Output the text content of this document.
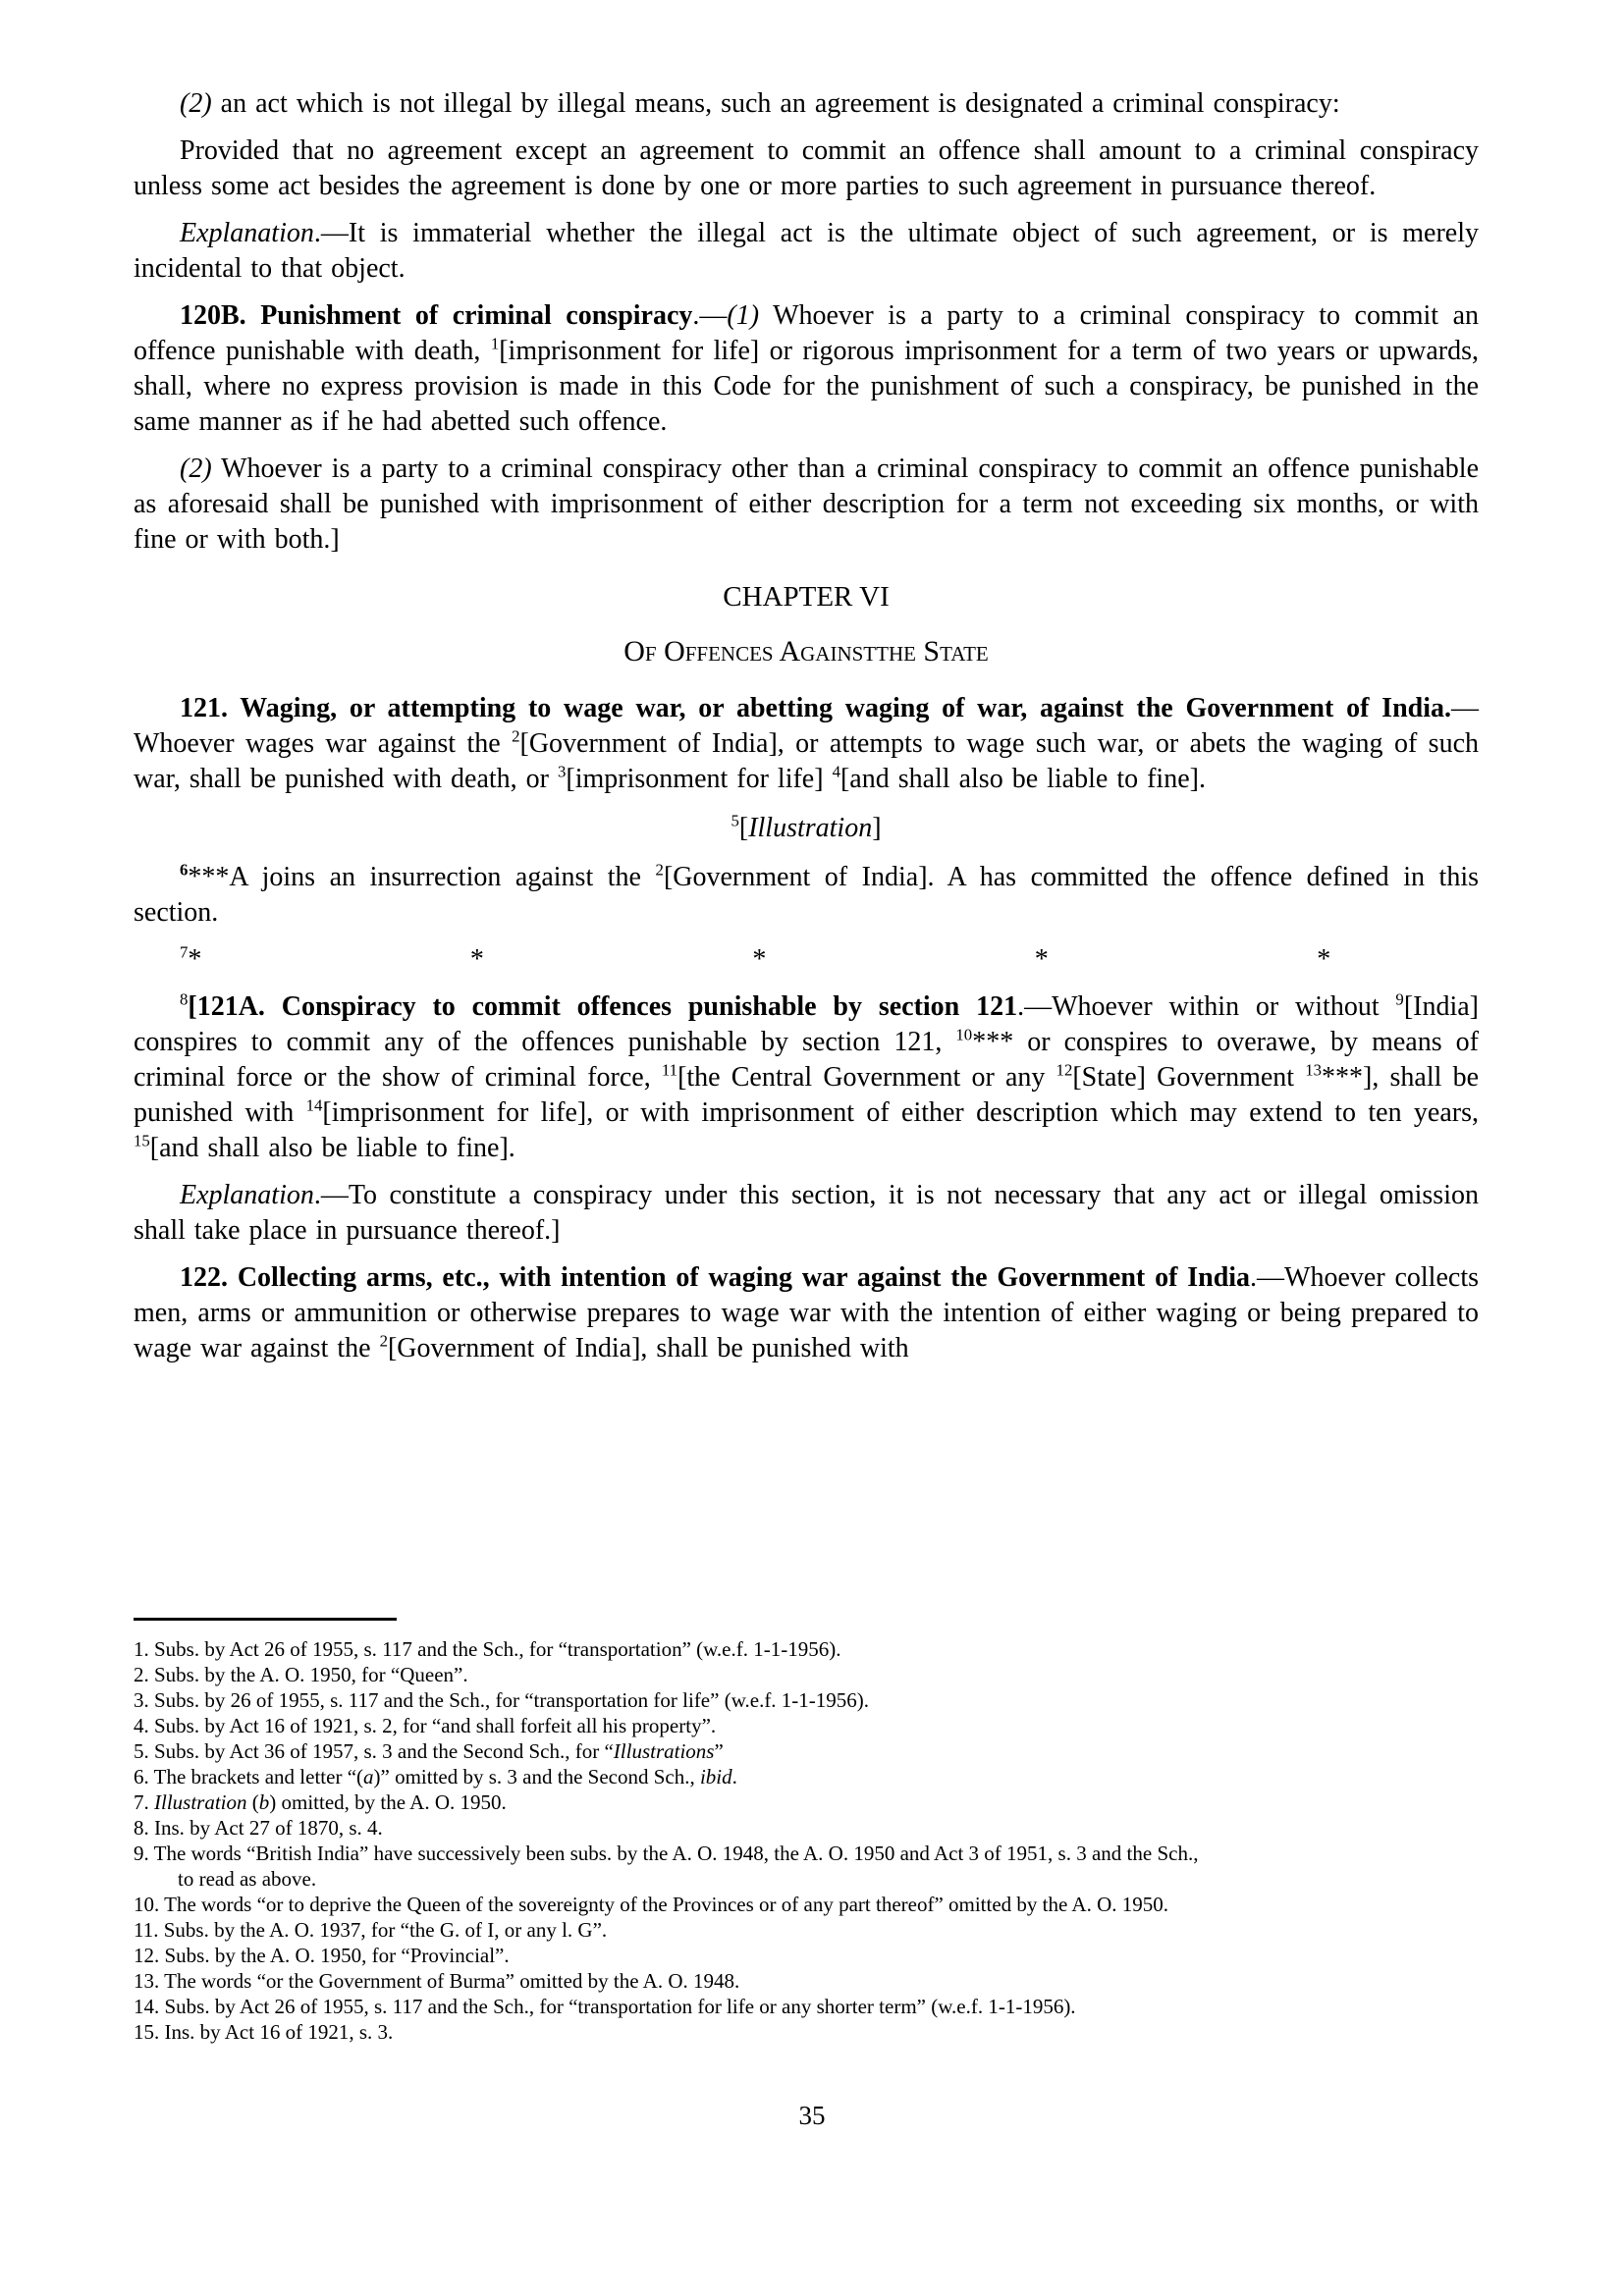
(2) an act which is not illegal by illegal means, such an agreement is designated a criminal conspiracy:

Provided that no agreement except an agreement to commit an offence shall amount to a criminal conspiracy unless some act besides the agreement is done by one or more parties to such agreement in pursuance thereof.

Explanation.—It is immaterial whether the illegal act is the ultimate object of such agreement, or is merely incidental to that object.

120B. Punishment of criminal conspiracy.—(1) Whoever is a party to a criminal conspiracy to commit an offence punishable with death, $^1$[imprisonment for life] or rigorous imprisonment for a term of two years or upwards, shall, where no express provision is made in this Code for the punishment of such a conspiracy, be punished in the same manner as if he had abetted such offence.

(2) Whoever is a party to a criminal conspiracy other than a criminal conspiracy to commit an offence punishable as aforesaid shall be punished with imprisonment of either description for a term not exceeding six months, or with fine or with both.]

CHAPTER VI

Of Offences Againstthe State

121. Waging, or attempting to wage war, or abetting waging of war, against the Government of India.—Whoever wages war against the $^2$[Government of India], or attempts to wage such war, or abets the waging of such war, shall be punished with death, or $^3$[imprisonment for life] $^4$[and shall also be liable to fine].

$^5$[Illustration]

$^6$***A joins an insurrection against the $^2$[Government of India]. A has committed the offence defined in this section.

$^7$*	*	*	*	*

$^8$[121A. Conspiracy to commit offences punishable by section 121.—Whoever within or without $^9$[India] conspires to commit any of the offences punishable by section 121, $^{10}$*** or conspires to overawe, by means of criminal force or the show of criminal force, $^{11}$[the Central Government or any $^{12}$[State] Government $^{13}$***], shall be punished with $^{14}$[imprisonment for life], or with imprisonment of either description which may extend to ten years, $^{15}$[and shall also be liable to fine].

Explanation.—To constitute a conspiracy under this section, it is not necessary that any act or illegal omission shall take place in pursuance thereof.]

122. Collecting arms, etc., with intention of waging war against the Government of India.—Whoever collects men, arms or ammunition or otherwise prepares to wage war with the intention of either waging or being prepared to wage war against the $^2$[Government of India], shall be punished with

1. Subs. by Act 26 of 1955, s. 117 and the Sch., for “transportation” (w.e.f. 1-1-1956).
2. Subs. by the A. O. 1950, for “Queen”.
3. Subs. by 26 of 1955, s. 117 and the Sch., for “transportation for life” (w.e.f. 1-1-1956).
4. Subs. by Act 16 of 1921, s. 2, for “and shall forfeit all his property”.
5. Subs. by Act 36 of 1957, s. 3 and the Second Sch., for “Illustrations”
6. The brackets and letter “(a)” omitted by s. 3 and the Second Sch., ibid.
7. Illustration (b) omitted, by the A. O. 1950.
8. Ins. by Act 27 of 1870, s. 4.
9. The words “British India” have successively been subs. by the A. O. 1948, the A. O. 1950 and Act 3 of 1951, s. 3 and the Sch.,
to read as above.
10. The words “or to deprive the Queen of the sovereignty of the Provinces or of any part thereof” omitted by the A. O. 1950.
11. Subs. by the A. O. 1937, for “the G. of I, or any l. G”.
12. Subs. by the A. O. 1950, for “Provincial”.
13. The words “or the Government of Burma” omitted by the A. O. 1948.
14. Subs. by Act 26 of 1955, s. 117 and the Sch., for “transportation for life or any shorter term” (w.e.f. 1-1-1956).
15. Ins. by Act 16 of 1921, s. 3.
35
